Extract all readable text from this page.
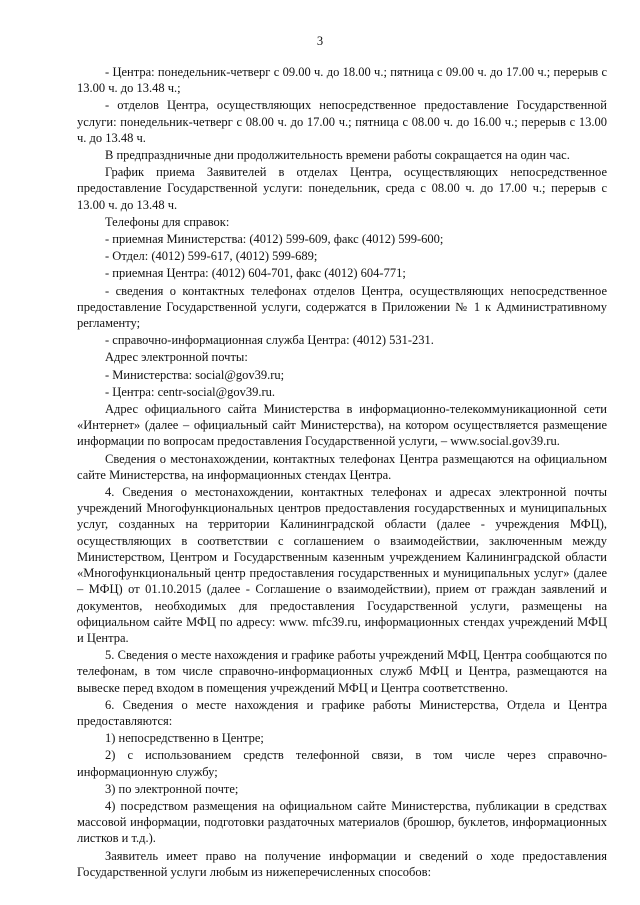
3

- Центра: понедельник-четверг с 09.00 ч. до 18.00 ч.; пятница с 09.00 ч. до 17.00 ч.; перерыв с 13.00 ч. до 13.48 ч.;

- отделов Центра, осуществляющих непосредственное предоставление Государственной услуги: понедельник-четверг с 08.00 ч. до 17.00 ч.; пятница с 08.00 ч. до 16.00 ч.; перерыв с 13.00 ч. до 13.48 ч.

В предпраздничные дни продолжительность времени работы сокращается на один час.

График приема Заявителей в отделах Центра, осуществляющих непосредственное предоставление Государственной услуги: понедельник, среда с 08.00 ч. до 17.00 ч.; перерыв с 13.00 ч. до 13.48 ч.

Телефоны для справок:

- приемная Министерства: (4012) 599-609, факс (4012) 599-600;

- Отдел: (4012) 599-617, (4012) 599-689;

- приемная Центра: (4012) 604-701, факс (4012) 604-771;

- сведения о контактных телефонах отделов Центра, осуществляющих непосредственное предоставление Государственной услуги, содержатся в Приложении № 1 к Административному регламенту;

- справочно-информационная служба Центра: (4012) 531-231.

Адрес электронной почты:

- Министерства: social@gov39.ru;

- Центра: centr-social@gov39.ru.

Адрес официального сайта Министерства в информационно-телекоммуникационной сети «Интернет» (далее – официальный сайт Министерства), на котором осуществляется размещение информации по вопросам предоставления Государственной услуги, – www.social.gov39.ru.

Сведения о местонахождении, контактных телефонах Центра размещаются на официальном сайте Министерства, на информационных стендах Центра.

4. Сведения о местонахождении, контактных телефонах и адресах электронной почты учреждений Многофункциональных центров предоставления государственных и муниципальных услуг, созданных на территории Калининградской области (далее - учреждения МФЦ), осуществляющих в соответствии с соглашением о взаимодействии, заключенным между Министерством, Центром и Государственным казенным учреждением Калининградской области «Многофункциональный центр предоставления государственных и муниципальных услуг» (далее – МФЦ) от 01.10.2015 (далее - Соглашение о взаимодействии), прием от граждан заявлений и документов, необходимых для предоставления Государственной услуги, размещены на официальном сайте МФЦ по адресу: www. mfc39.ru, информационных стендах учреждений МФЦ и Центра.

5. Сведения о месте нахождения и графике работы учреждений МФЦ, Центра сообщаются по телефонам, в том числе справочно-информационных служб МФЦ и Центра, размещаются на вывеске перед входом в помещения учреждений МФЦ и Центра соответственно.

6. Сведения о месте нахождения и графике работы Министерства, Отдела и Центра предоставляются:

1) непосредственно в Центре;

2) с использованием средств телефонной связи, в том числе через справочно-информационную службу;

3) по электронной почте;

4) посредством размещения на официальном сайте Министерства, публикации в средствах массовой информации, подготовки раздаточных материалов (брошюр, буклетов, информационных листков и т.д.).

Заявитель имеет право на получение информации и сведений о ходе предоставления Государственной услуги любым из нижеперечисленных способов:
